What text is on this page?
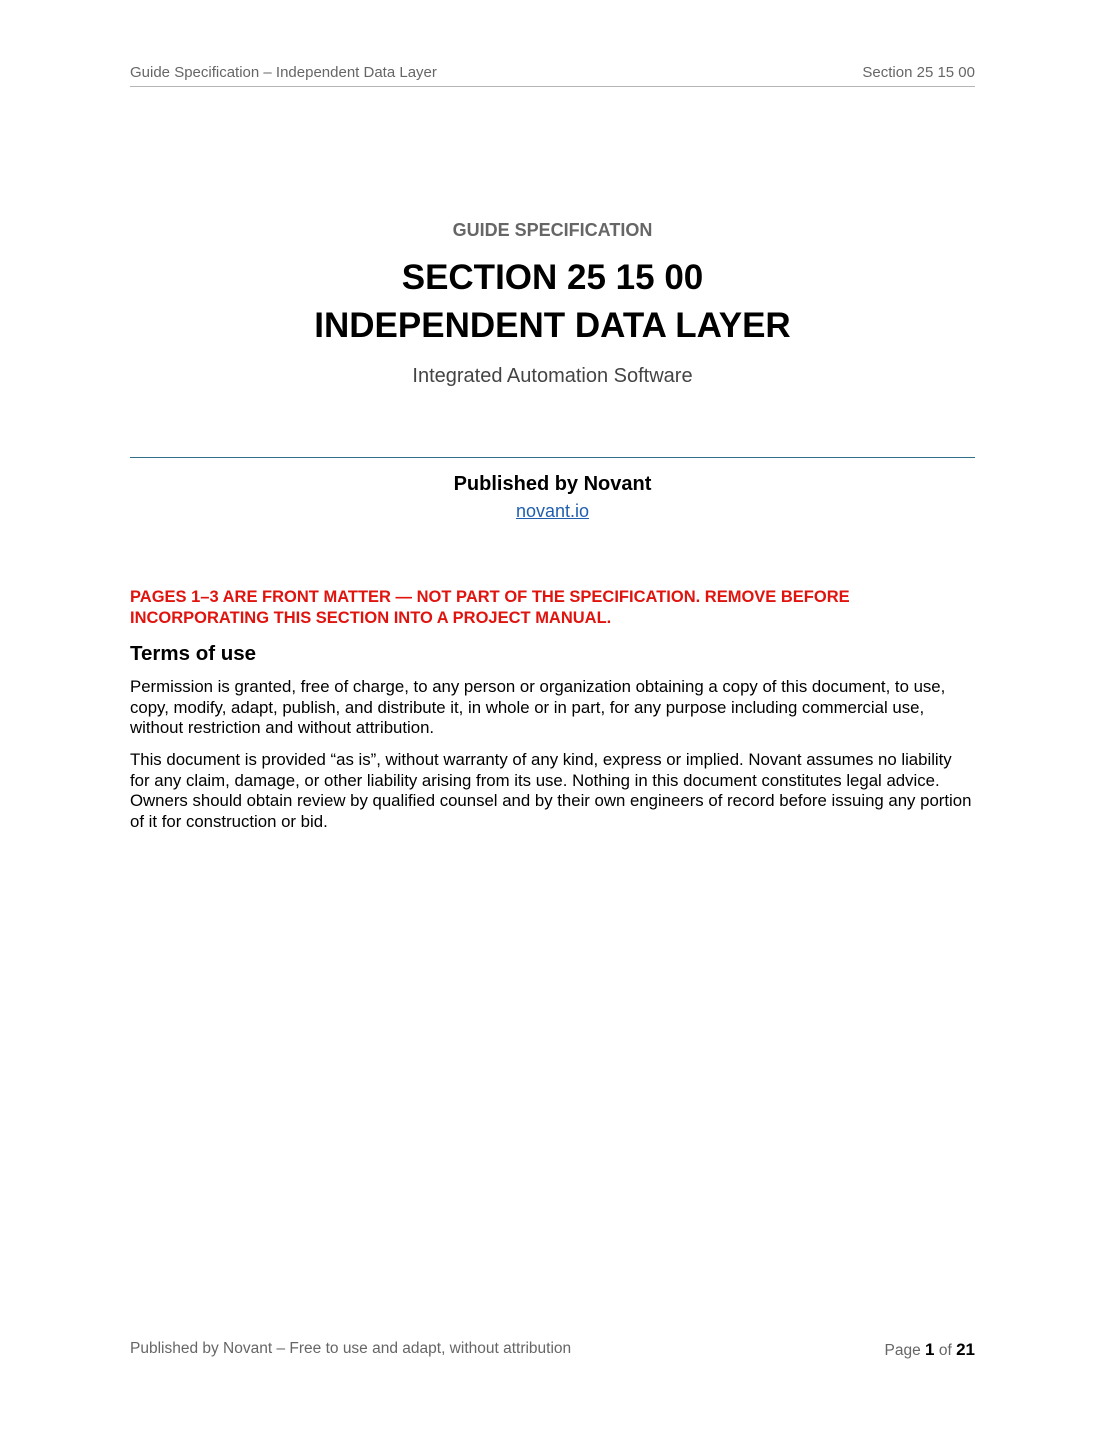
Guide Specification – Independent Data Layer	Section 25 15 00
GUIDE SPECIFICATION
SECTION 25 15 00
INDEPENDENT DATA LAYER
Integrated Automation Software
Published by Novant
novant.io
PAGES 1–3 ARE FRONT MATTER — NOT PART OF THE SPECIFICATION. REMOVE BEFORE INCORPORATING THIS SECTION INTO A PROJECT MANUAL.
Terms of use

Permission is granted, free of charge, to any person or organization obtaining a copy of this document, to use, copy, modify, adapt, publish, and distribute it, in whole or in part, for any purpose including commercial use, without restriction and without attribution.

This document is provided “as is”, without warranty of any kind, express or implied. Novant assumes no liability for any claim, damage, or other liability arising from its use. Nothing in this document constitutes legal advice. Owners should obtain review by qualified counsel and by their own engineers of record before issuing any portion of it for construction or bid.

Published by Novant – Free to use and adapt, without attribution	Page 1 of 21
